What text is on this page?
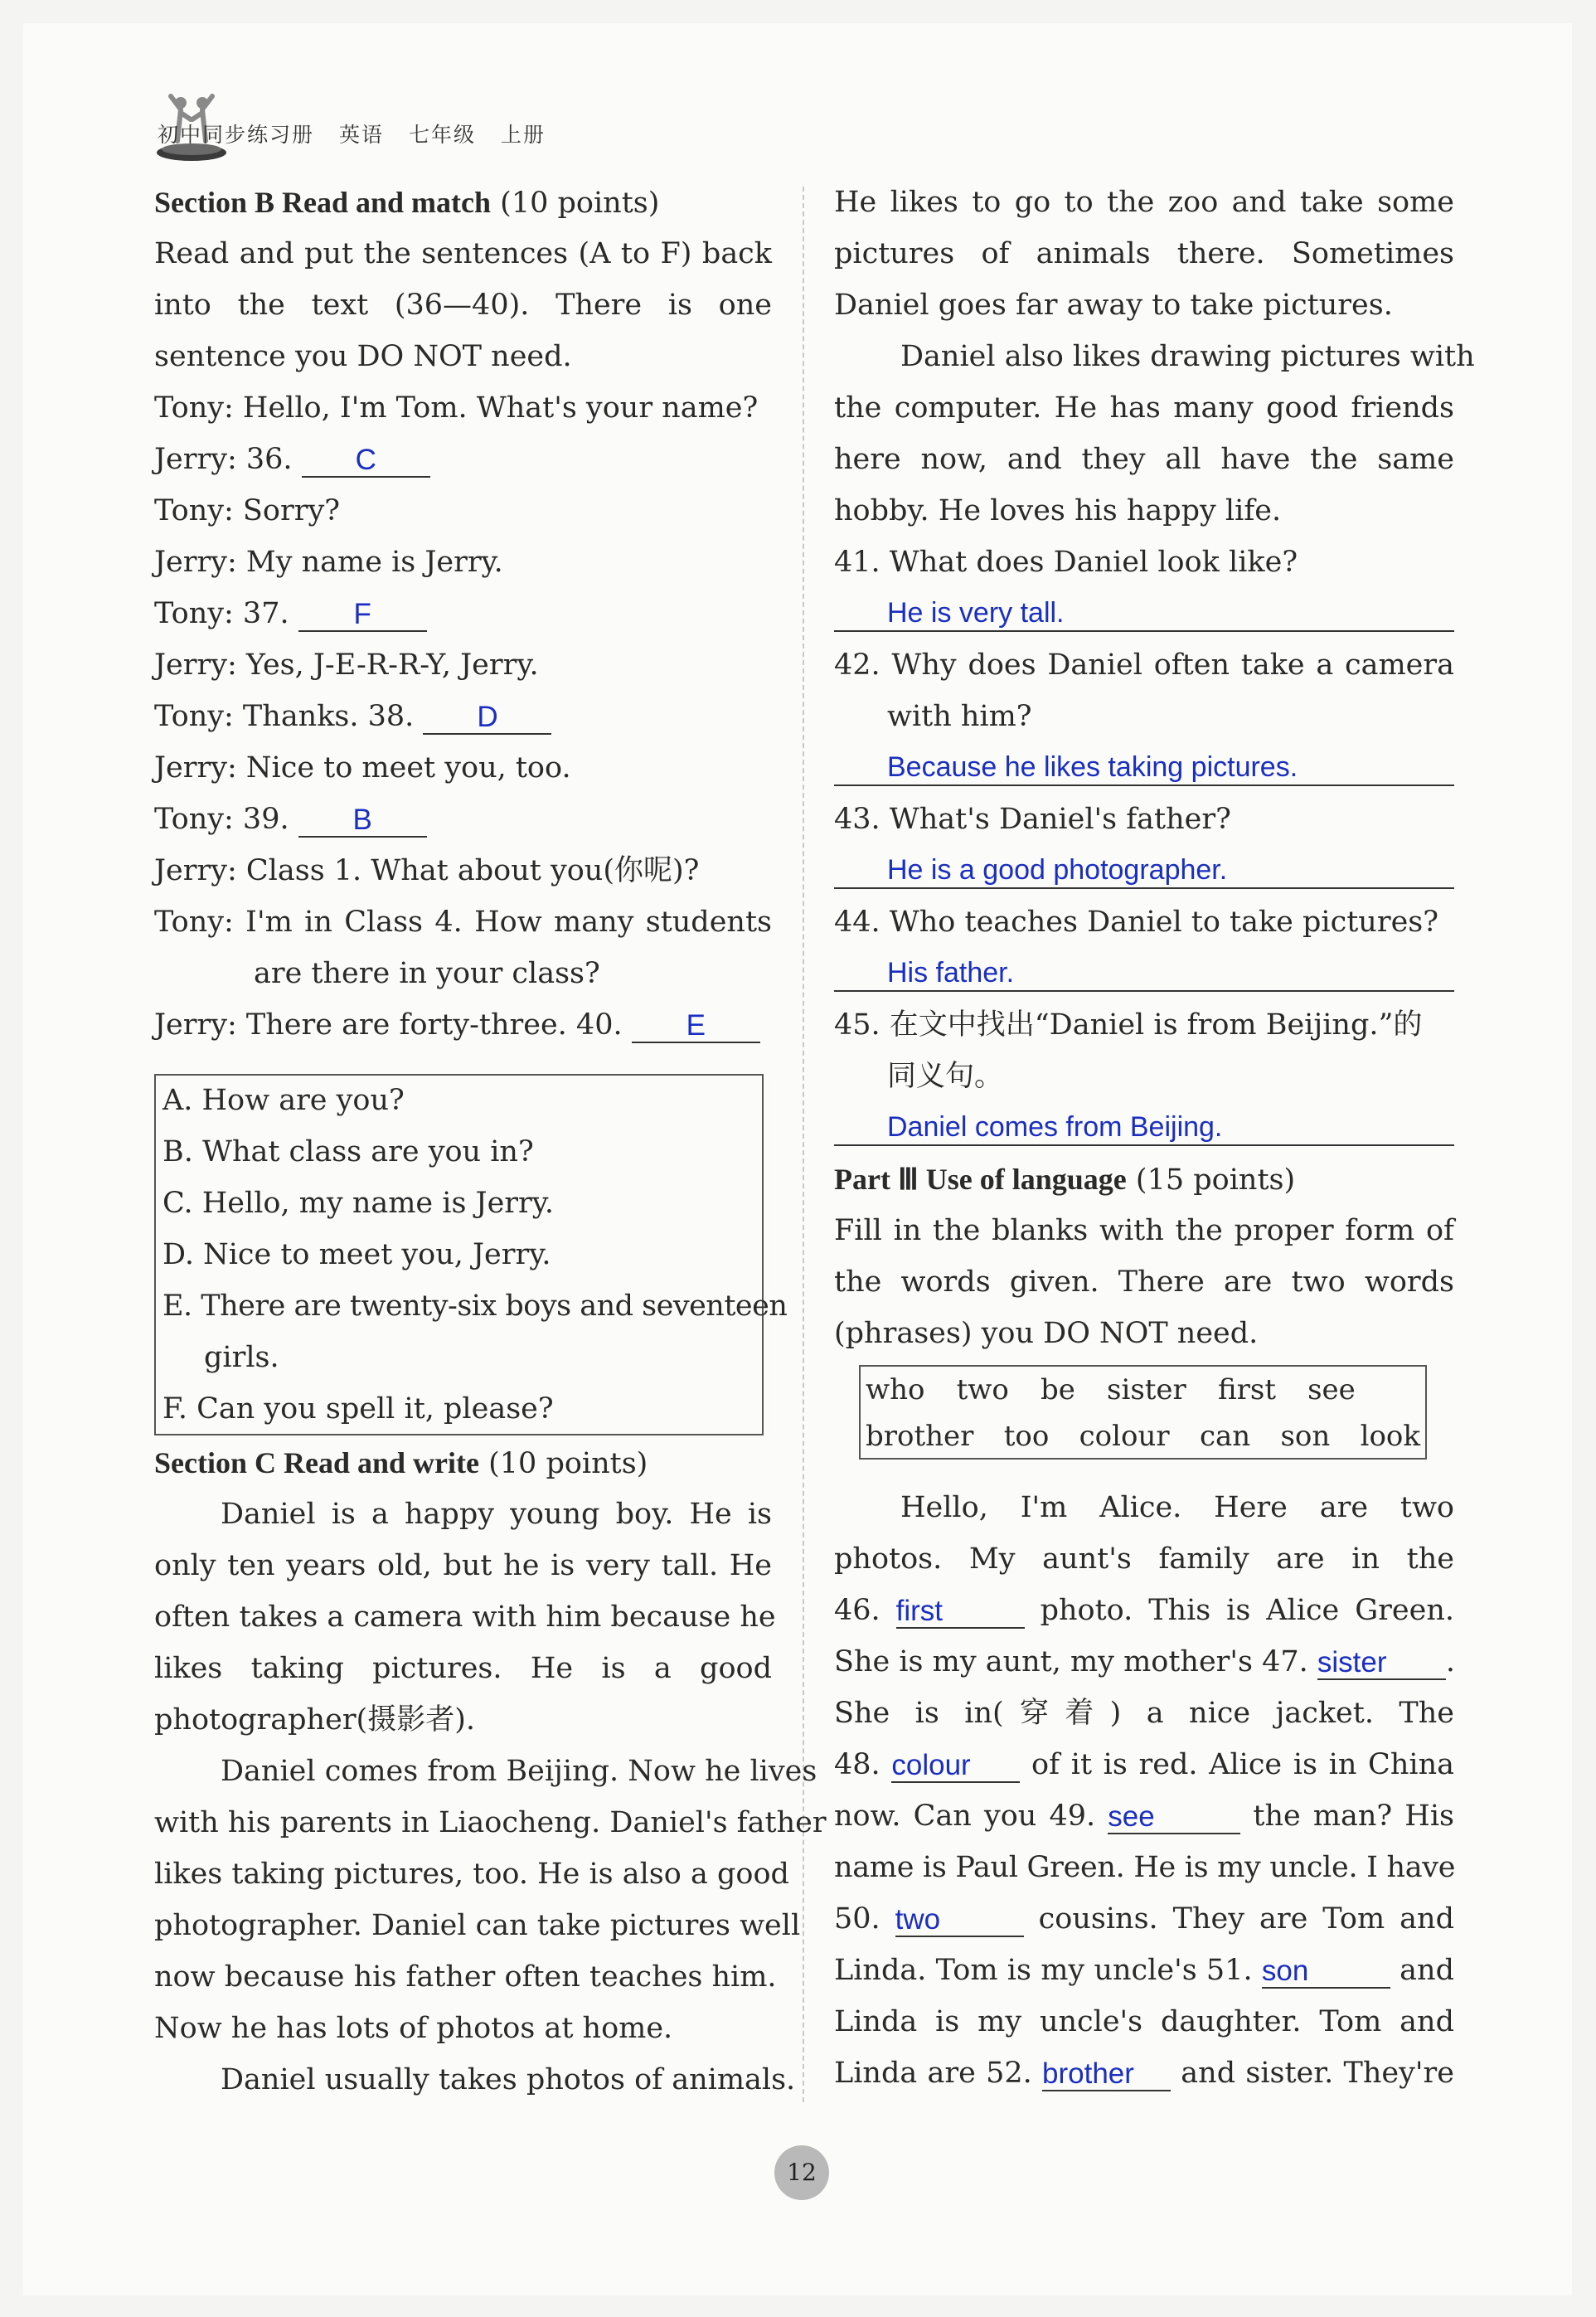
初中同步练习册 英语 七年级 上册
Section B Read and match (10 points)
Read and put the sentences (A to F) back
into the text (36—40). There is one
sentence you DO NOT need.
Tony: Hello, I'm Tom. What's your name?
Jerry: 36. C
Tony: Sorry?
Jerry: My name is Jerry.
Tony: 37. F
Jerry: Yes, J-E-R-R-Y, Jerry.
Tony: Thanks. 38. D
Jerry: Nice to meet you, too.
Tony: 39. B
Jerry: Class 1. What about you(你呢)?
Tony: I'm in Class 4. How many students
are there in your class?
Jerry: There are forty-three. 40. E
A. How are you?
B. What class are you in?
C. Hello, my name is Jerry.
D. Nice to meet you, Jerry.
E. There are twenty-six boys and seventeen
girls.
F. Can you spell it, please?
Section C Read and write (10 points)
Daniel is a happy young boy. He is
only ten years old, but he is very tall. He
often takes a camera with him because he
likes taking pictures. He is a good
photographer(摄影者).
Daniel comes from Beijing. Now he lives
with his parents in Liaocheng. Daniel's father
likes taking pictures, too. He is also a good
photographer. Daniel can take pictures well
now because his father often teaches him.
Now he has lots of photos at home.
Daniel usually takes photos of animals.
He likes to go to the zoo and take some
pictures of animals there. Sometimes
Daniel goes far away to take pictures.
Daniel also likes drawing pictures with
the computer. He has many good friends
here now, and they all have the same
hobby. He loves his happy life.
41. What does Daniel look like?
He is very tall.
42. Why does Daniel often take a camera
with him?
Because he likes taking pictures.
43. What's Daniel's father?
He is a good photographer.
44. Who teaches Daniel to take pictures?
His father.
45. 在文中找出“Daniel is from Beijing.”的
同义句。
Daniel comes from Beijing.
Part Ⅲ Use of language (15 points)
Fill in the blanks with the proper form of
the words given. There are two words
(phrases) you DO NOT need.
who two be sister first see
brother too colour can son look
Hello, I'm Alice. Here are two
photos. My aunt's family are in the
46. first	photo. This is Alice Green.
She is my aunt, my mother's 47. sister .
She is in(穿着) a nice jacket. The
48. colour of it is red. Alice is in China
now. Can you 49. see	the man? His
name is Paul Green. He is my uncle. I have
50. two	cousins. They are Tom and
Linda. Tom is my uncle's 51. son	and
Linda is my uncle's daughter. Tom and
Linda are 52. brother and sister. They're
12
